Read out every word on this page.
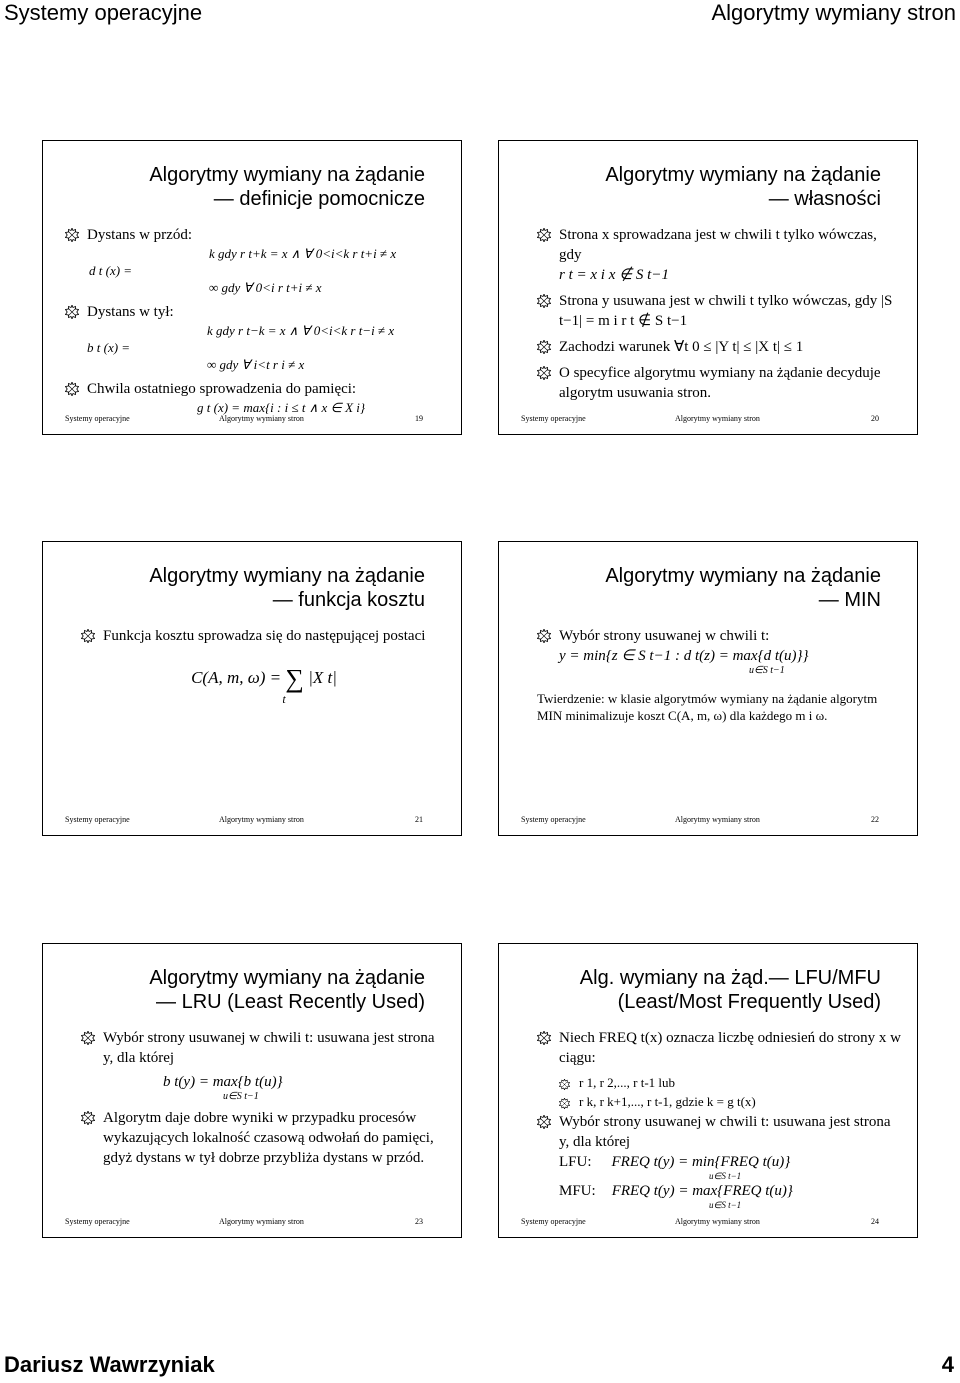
Systemy operacyjne	Algorytmy wymiany stron
Algorytmy wymiany na żądanie
— definicje pomocnicze
Dystans w przód:
k gdy r t+k = x ∧ ∀ 0<i<k r t+i ≠ x
d t (x) =
∞ gdy ∀ 0<i r t+i ≠ x
Dystans w tył:
k gdy r t−k = x ∧ ∀ 0<i<k r t−i ≠ x
b t (x) =
∞ gdy ∀ i<t r i ≠ x
Chwila ostatniego sprowadzenia do pamięci:
g t (x) = max{i : i ≤ t ∧ x ∈ X i}
Systemy operacyjne	Algorytmy wymiany stron	19
Algorytmy wymiany na żądanie
— własności
Strona x sprowadzana jest w chwili t tylko wówczas, gdy
r t = x i x ∉ S t−1
Strona y usuwana jest w chwili t tylko wówczas, gdy |S t−1| = m i r t ∉ S t−1
Zachodzi warunek ∀t 0 ≤ |Y t| ≤ |X t| ≤ 1
O specyfice algorytmu wymiany na żądanie decyduje algorytm usuwania stron.
Systemy operacyjne	Algorytmy wymiany stron	20
Algorytmy wymiany na żądanie
— funkcja kosztu
Funkcja kosztu sprowadza się do następującej postaci
C(A, m, ω) = ∑ |X t|
t
Systemy operacyjne	Algorytmy wymiany stron	21
Algorytmy wymiany na żądanie
— MIN
Wybór strony usuwanej w chwili t:
y = min{z ∈ S t−1 : d t(z) = max{d t(u)}}
u∈S t−1
Twierdzenie: w klasie algorytmów wymiany na żądanie algorytm MIN minimalizuje koszt C(A, m, ω) dla każdego m i ω.
Systemy operacyjne	Algorytmy wymiany stron	22
Algorytmy wymiany na żądanie
— LRU (Least Recently Used)
Wybór strony usuwanej w chwili t: usuwana jest strona y, dla której
b t(y) = max{b t(u)}
u∈S t−1
Algorytm daje dobre wyniki w przypadku procesów wykazujących lokalność czasową odwołań do pamięci, gdyż dystans w tył dobrze przybliża dystans w przód.
Systemy operacyjne	Algorytmy wymiany stron	23
Alg. wymiany na żąd.— LFU/MFU
(Least/Most Frequently Used)
Niech FREQ t(x) oznacza liczbę odniesień do strony x w ciągu:
r 1, r 2,..., r t-1 lub
r k, r k+1,..., r t-1, gdzie k = g t(x)
Wybór strony usuwanej w chwili t: usuwana jest strona y, dla której
LFU: FREQ t(y) = min{FREQ t(u)}
u∈S t−1
MFU: FREQ t(y) = max{FREQ t(u)}
u∈S t−1
Systemy operacyjne	Algorytmy wymiany stron	24
Dariusz Wawrzyniak	4
